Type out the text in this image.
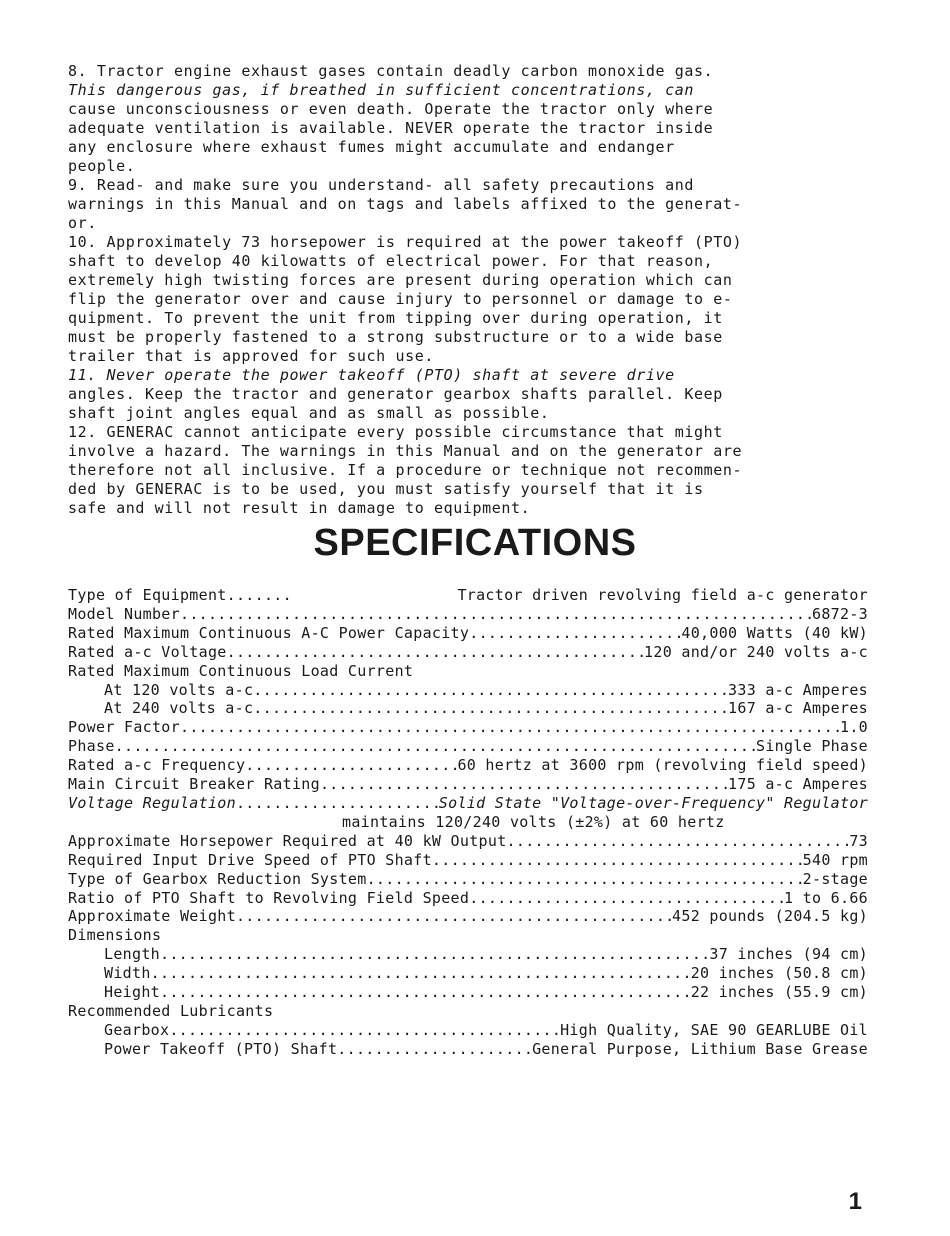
8. Tractor engine exhaust gases contain deadly carbon monoxide gas.
This dangerous gas, if breathed in sufficient concentrations, can
cause unconsciousness or even death. Operate the tractor only where
adequate ventilation is available. NEVER operate the tractor inside
any enclosure where exhaust fumes might accumulate and endanger
people.
9. Read- and make sure you understand- all safety precautions and
warnings in this Manual and on tags and labels affixed to the generat-
or.
10. Approximately 73 horsepower is required at the power takeoff (PTO)
shaft to develop 40 kilowatts of electrical power. For that reason,
extremely high twisting forces are present during operation which can
flip the generator over and cause injury to personnel or damage to e-
quipment. To prevent the unit from tipping over during operation, it
must be properly fastened to a strong substructure or to a wide base
trailer that is approved for such use.
11. Never operate the power takeoff (PTO) shaft at severe drive
angles. Keep the tractor and generator gearbox shafts parallel. Keep
shaft joint angles equal and as small as possible.
12. GENERAC cannot anticipate every possible circumstance that might
involve a hazard. The warnings in this Manual and on the generator are
therefore not all inclusive. If a procedure or technique not recommen-
ded by GENERAC is to be used, you must satisfy yourself that it is
safe and will not result in damage to equipment.
SPECIFICATIONS
Type of Equipment .....	Tractor driven revolving field a-c generator
Model Number .....	6872-3
Rated Maximum Continuous A-C Power Capacity .....	40,000 Watts (40 kW)
Rated a-c Voltage .....	120 and/or 240 volts a-c
Rated Maximum Continuous Load Current
At 120 volts a-c .....	333 a-c Amperes
At 240 volts a-c .....	167 a-c Amperes
Power Factor .....	1.0
Phase .....	Single Phase
Rated a-c Frequency .....	60 hertz at 3600 rpm (revolving field speed)
Main Circuit Breaker Rating .....	175 a-c Amperes
Voltage Regulation .....	Solid State "Voltage-over-Frequency" Regulator
maintains 120/240 volts (±2%) at 60 hertz
Approximate Horsepower Required at 40 kW Output .....	73
Required Input Drive Speed of PTO Shaft .....	540 rpm
Type of Gearbox Reduction System .....	2-stage
Ratio of PTO Shaft to Revolving Field Speed .....	1 to 6.66
Approximate Weight .....	452 pounds (204.5 kg)
Dimensions
Length .....	37 inches (94 cm)
Width .....	20 inches (50.8 cm)
Height .....	22 inches (55.9 cm)
Recommended Lubricants
Gearbox .....	High Quality, SAE 90 GEARLUBE Oil
Power Takeoff (PTO) Shaft .....	General Purpose, Lithium Base Grease
1
